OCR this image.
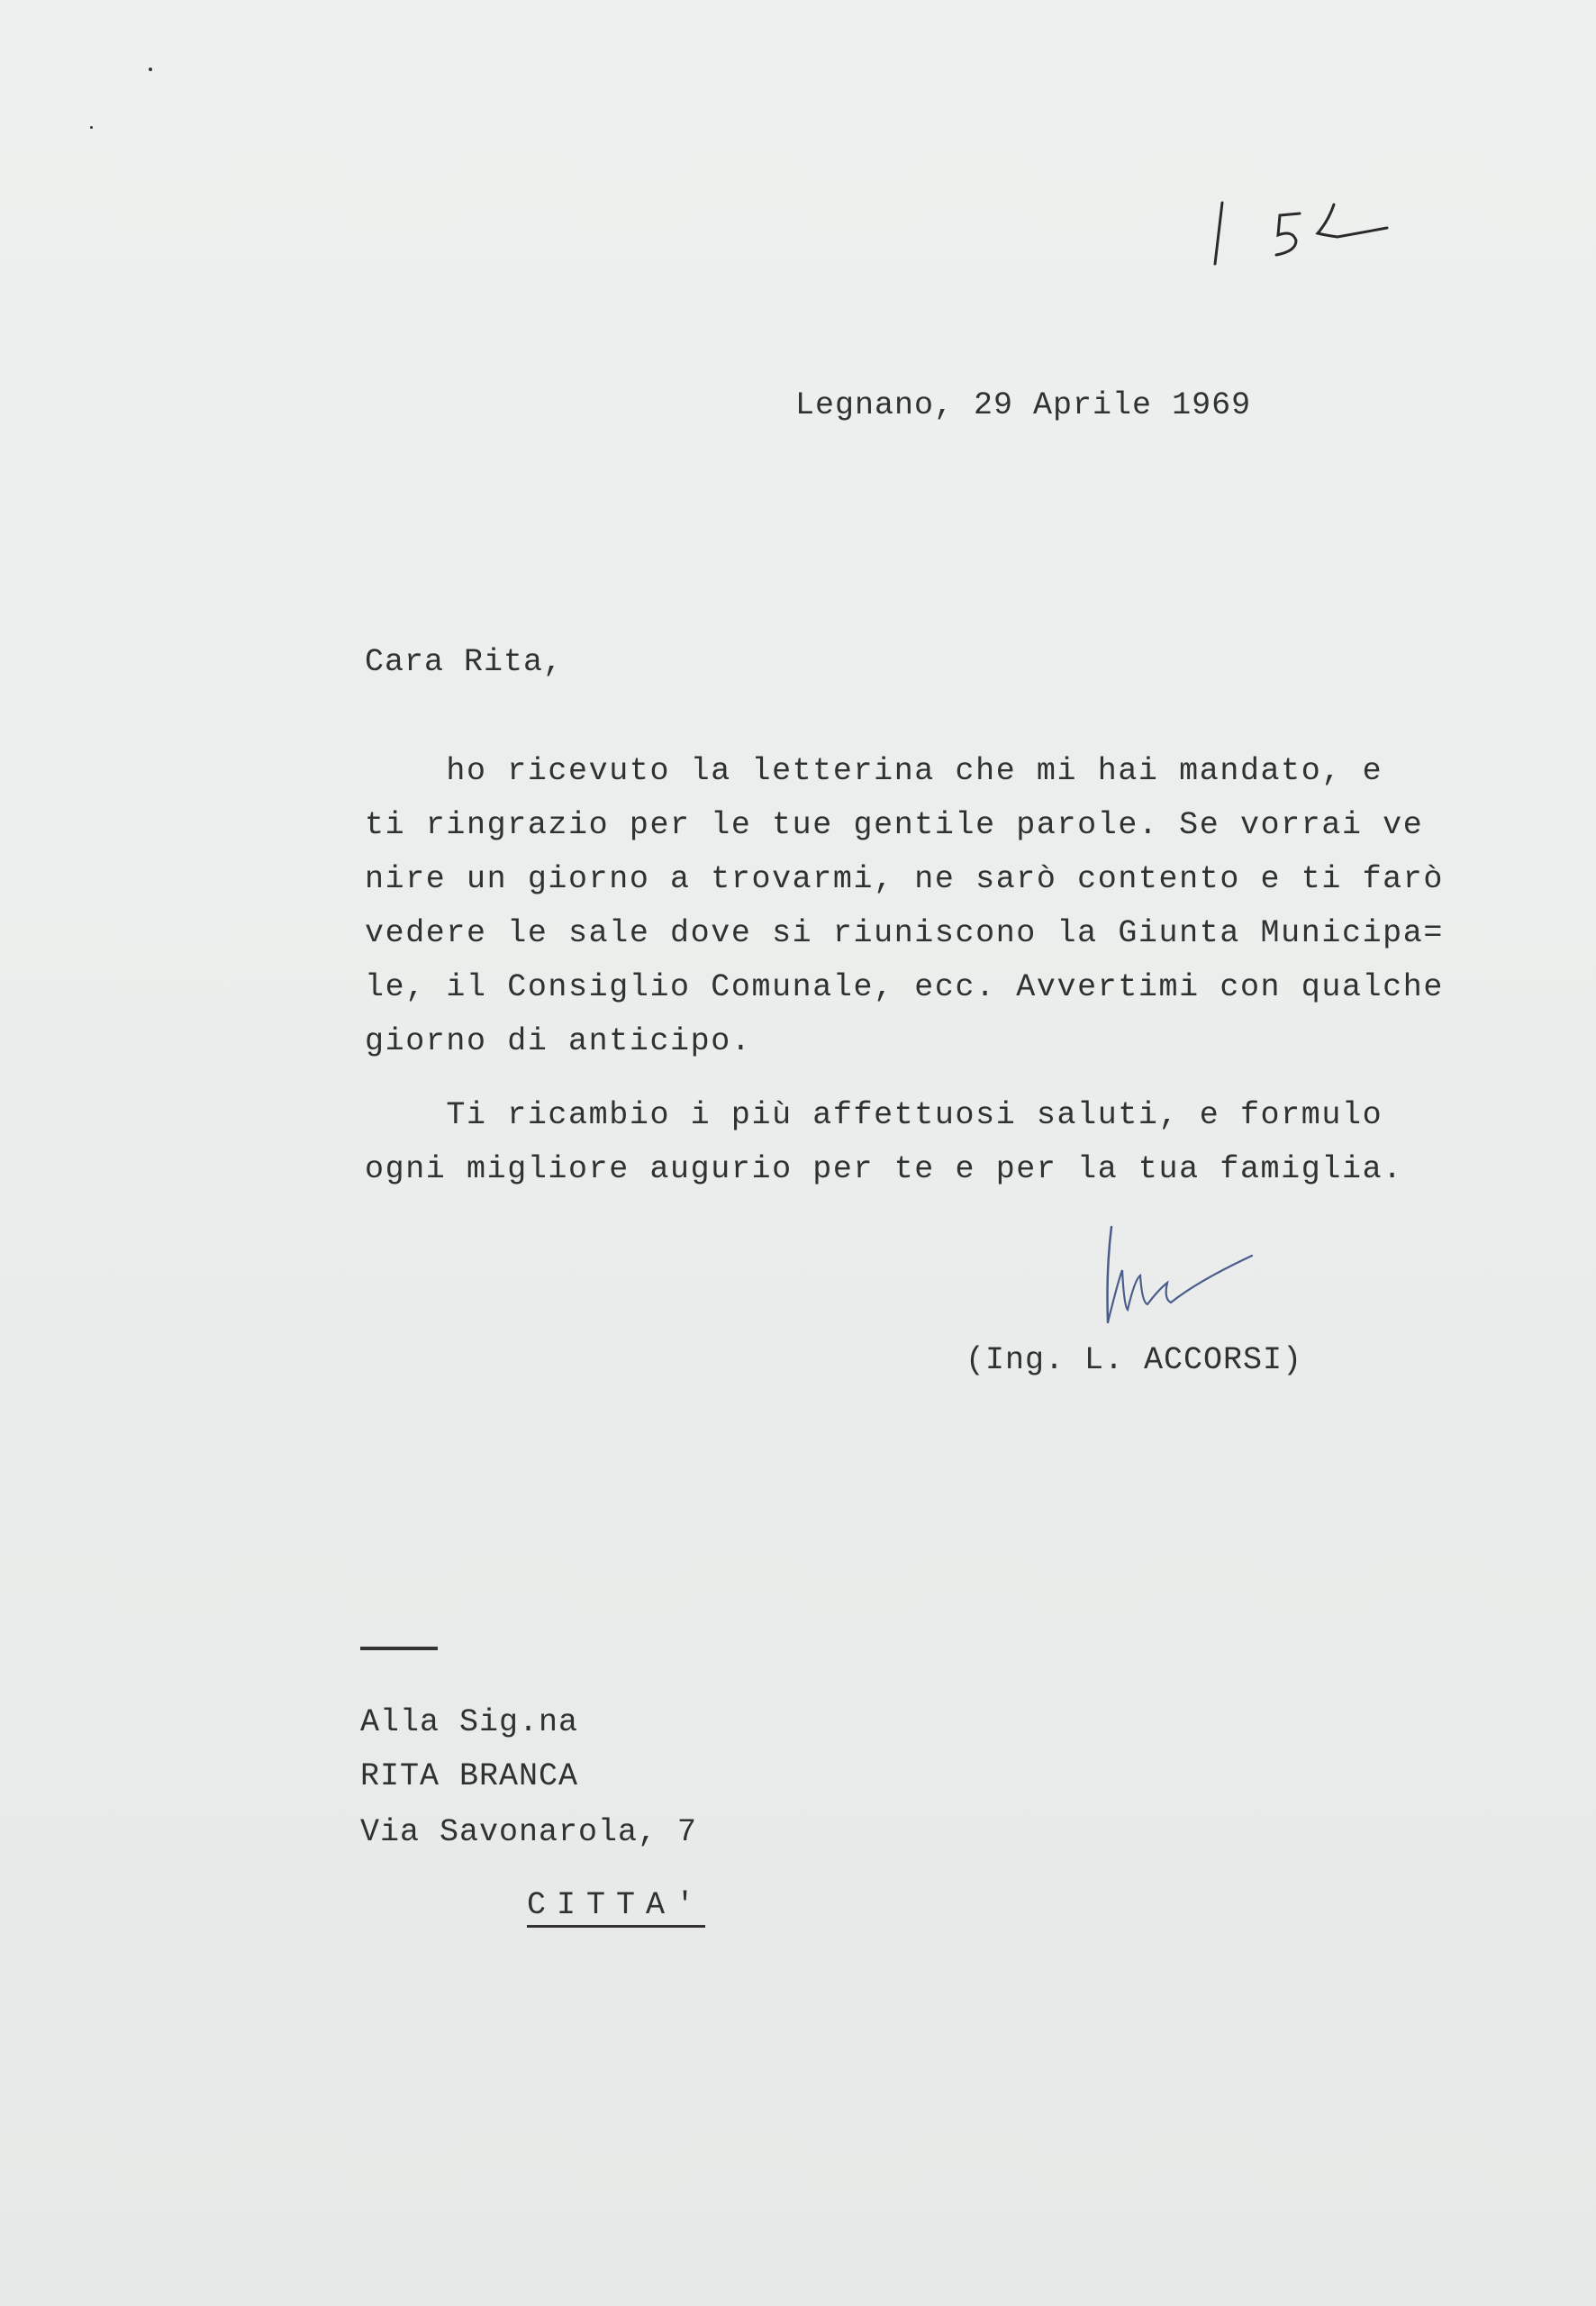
Legnano, 29 Aprile 1969
Cara Rita,
ho ricevuto la letterina che mi hai mandato, e
ti ringrazio per le tue gentile parole. Se vorrai ve
nire un giorno a trovarmi, ne sarò contento e ti farò
vedere le sale dove si riuniscono la Giunta Municipa=
le, il Consiglio Comunale, ecc. Avvertimi con qualche
giorno di anticipo.
Ti ricambio i più affettuosi saluti, e formulo
ogni migliore augurio per te e per la tua famiglia.
(Ing. L. ACCORSI)
Alla Sig.na
RITA BRANCA
Via Savonarola, 7
CITTA'
